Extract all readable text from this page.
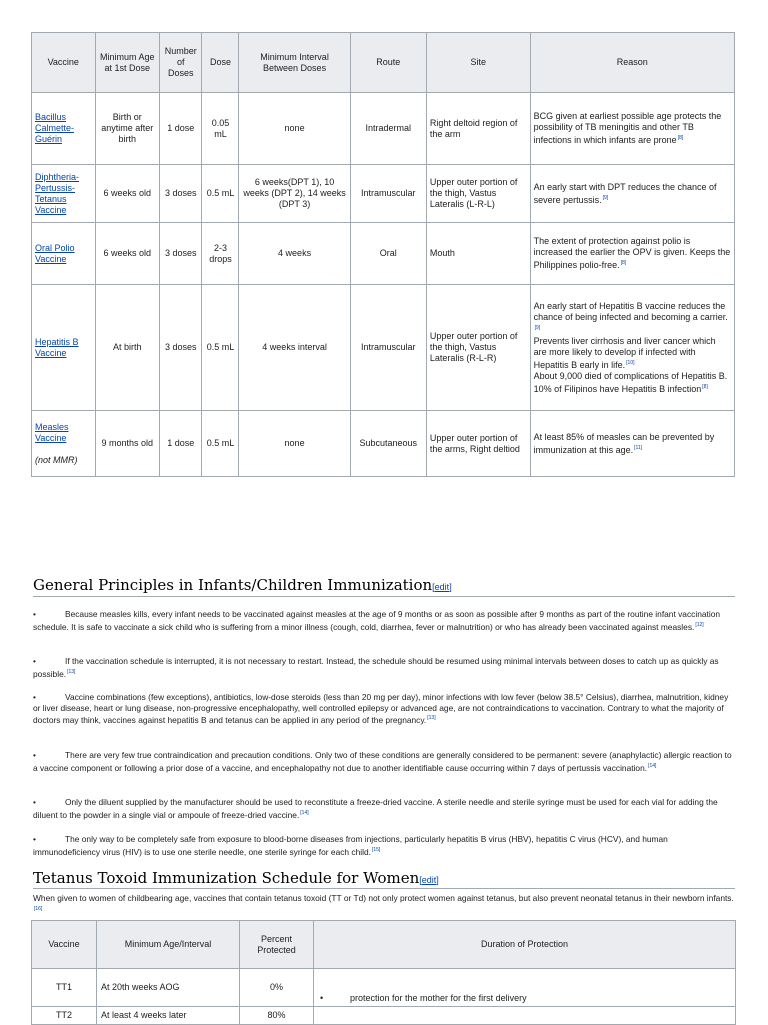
Vaccine	Minimum Age at 1st Dose	Number of Doses	Dose	Minimum Interval Between Doses	Route	Site	Reason
Bacillus Calmette-Guérin	Birth or anytime after birth	1 dose	0.05 mL	none	Intradermal	Right deltoid region of the arm	BCG given at earliest possible age protects the possibility of TB meningitis and other TB infections in which infants are prone[8]
Diphtheria-Pertussis-Tetanus Vaccine	6 weeks old	3 doses	0.5 mL	6 weeks(DPT 1), 10 weeks (DPT 2), 14 weeks (DPT 3)	Intramuscular	Upper outer portion of the thigh, Vastus Lateralis (L-R-L)	An early start with DPT reduces the chance of severe pertussis.[9]
Oral Polio Vaccine	6 weeks old	3 doses	2-3 drops	4 weeks	Oral	Mouth	The extent of protection against polio is increased the earlier the OPV is given. Keeps the Philippines polio-free.[8]
Hepatitis B Vaccine	At birth	3 doses	0.5 mL	4 weeks interval	Intramuscular	Upper outer portion of the thigh, Vastus Lateralis (R-L-R)	An early start of Hepatitis B vaccine reduces the chance of being infected and becoming a carrier.[9]
Prevents liver cirrhosis and liver cancer which are more likely to develop if infected with Hepatitis B early in life.[10]
About 9,000 died of complications of Hepatitis B. 10% of Filipinos have Hepatitis B infection[8]
Measles Vaccine

(not MMR)	9 months old	1 dose	0.5 mL	none	Subcutaneous	Upper outer portion of the arms, Right deltiod	At least 85% of measles can be prevented by immunization at this age.[11]
General Principles in Infants/Children Immunization[edit]
•	Because measles kills, every infant needs to be vaccinated against measles at the age of 9 months or as soon as possible after 9 months as part of the routine infant vaccination schedule. It is safe to vaccinate a sick child who is suffering from a minor illness (cough, cold, diarrhea, fever or malnutrition) or who has already been vaccinated against measles.[12]
•	If the vaccination schedule is interrupted, it is not necessary to restart. Instead, the schedule should be resumed using minimal intervals between doses to catch up as quickly as possible.[13]
•	Vaccine combinations (few exceptions), antibiotics, low-dose steroids (less than 20 mg per day), minor infections with low fever (below 38.5° Celsius), diarrhea, malnutrition, kidney or liver disease, heart or lung disease, non-progressive encephalopathy, well controlled epilepsy or advanced age, are not contraindications to vaccination. Contrary to what the majority of doctors may think, vaccines against hepatitis B and tetanus can be applied in any period of the pregnancy.[13]
•	There are very few true contraindication and precaution conditions. Only two of these conditions are generally considered to be permanent: severe (anaphylactic) allergic reaction to a vaccine component or following a prior dose of a vaccine, and encephalopathy not due to another identifiable cause occurring within 7 days of pertussis vaccination.[14]
•	Only the diluent supplied by the manufacturer should be used to reconstitute a freeze-dried vaccine. A sterile needle and sterile syringe must be used for each vial for adding the diluent to the powder in a single vial or ampoule of freeze-dried vaccine.[14]
•	The only way to be completely safe from exposure to blood-borne diseases from injections, particularly hepatitis B virus (HBV), hepatitis C virus (HCV), and human immunodeficiency virus (HIV) is to use one sterile needle, one sterile syringe for each child.[15]
Tetanus Toxoid Immunization Schedule for Women[edit]
When given to women of childbearing age, vaccines that contain tetanus toxoid (TT or Td) not only protect women against tetanus, but also prevent neonatal tetanus in their newborn infants.[16]
Vaccine	Minimum Age/Interval	Percent Protected	Duration of Protection
TT1	At 20th weeks AOG	0%	• protection for the mother for the first delivery
TT2	At least 4 weeks later	80%	
